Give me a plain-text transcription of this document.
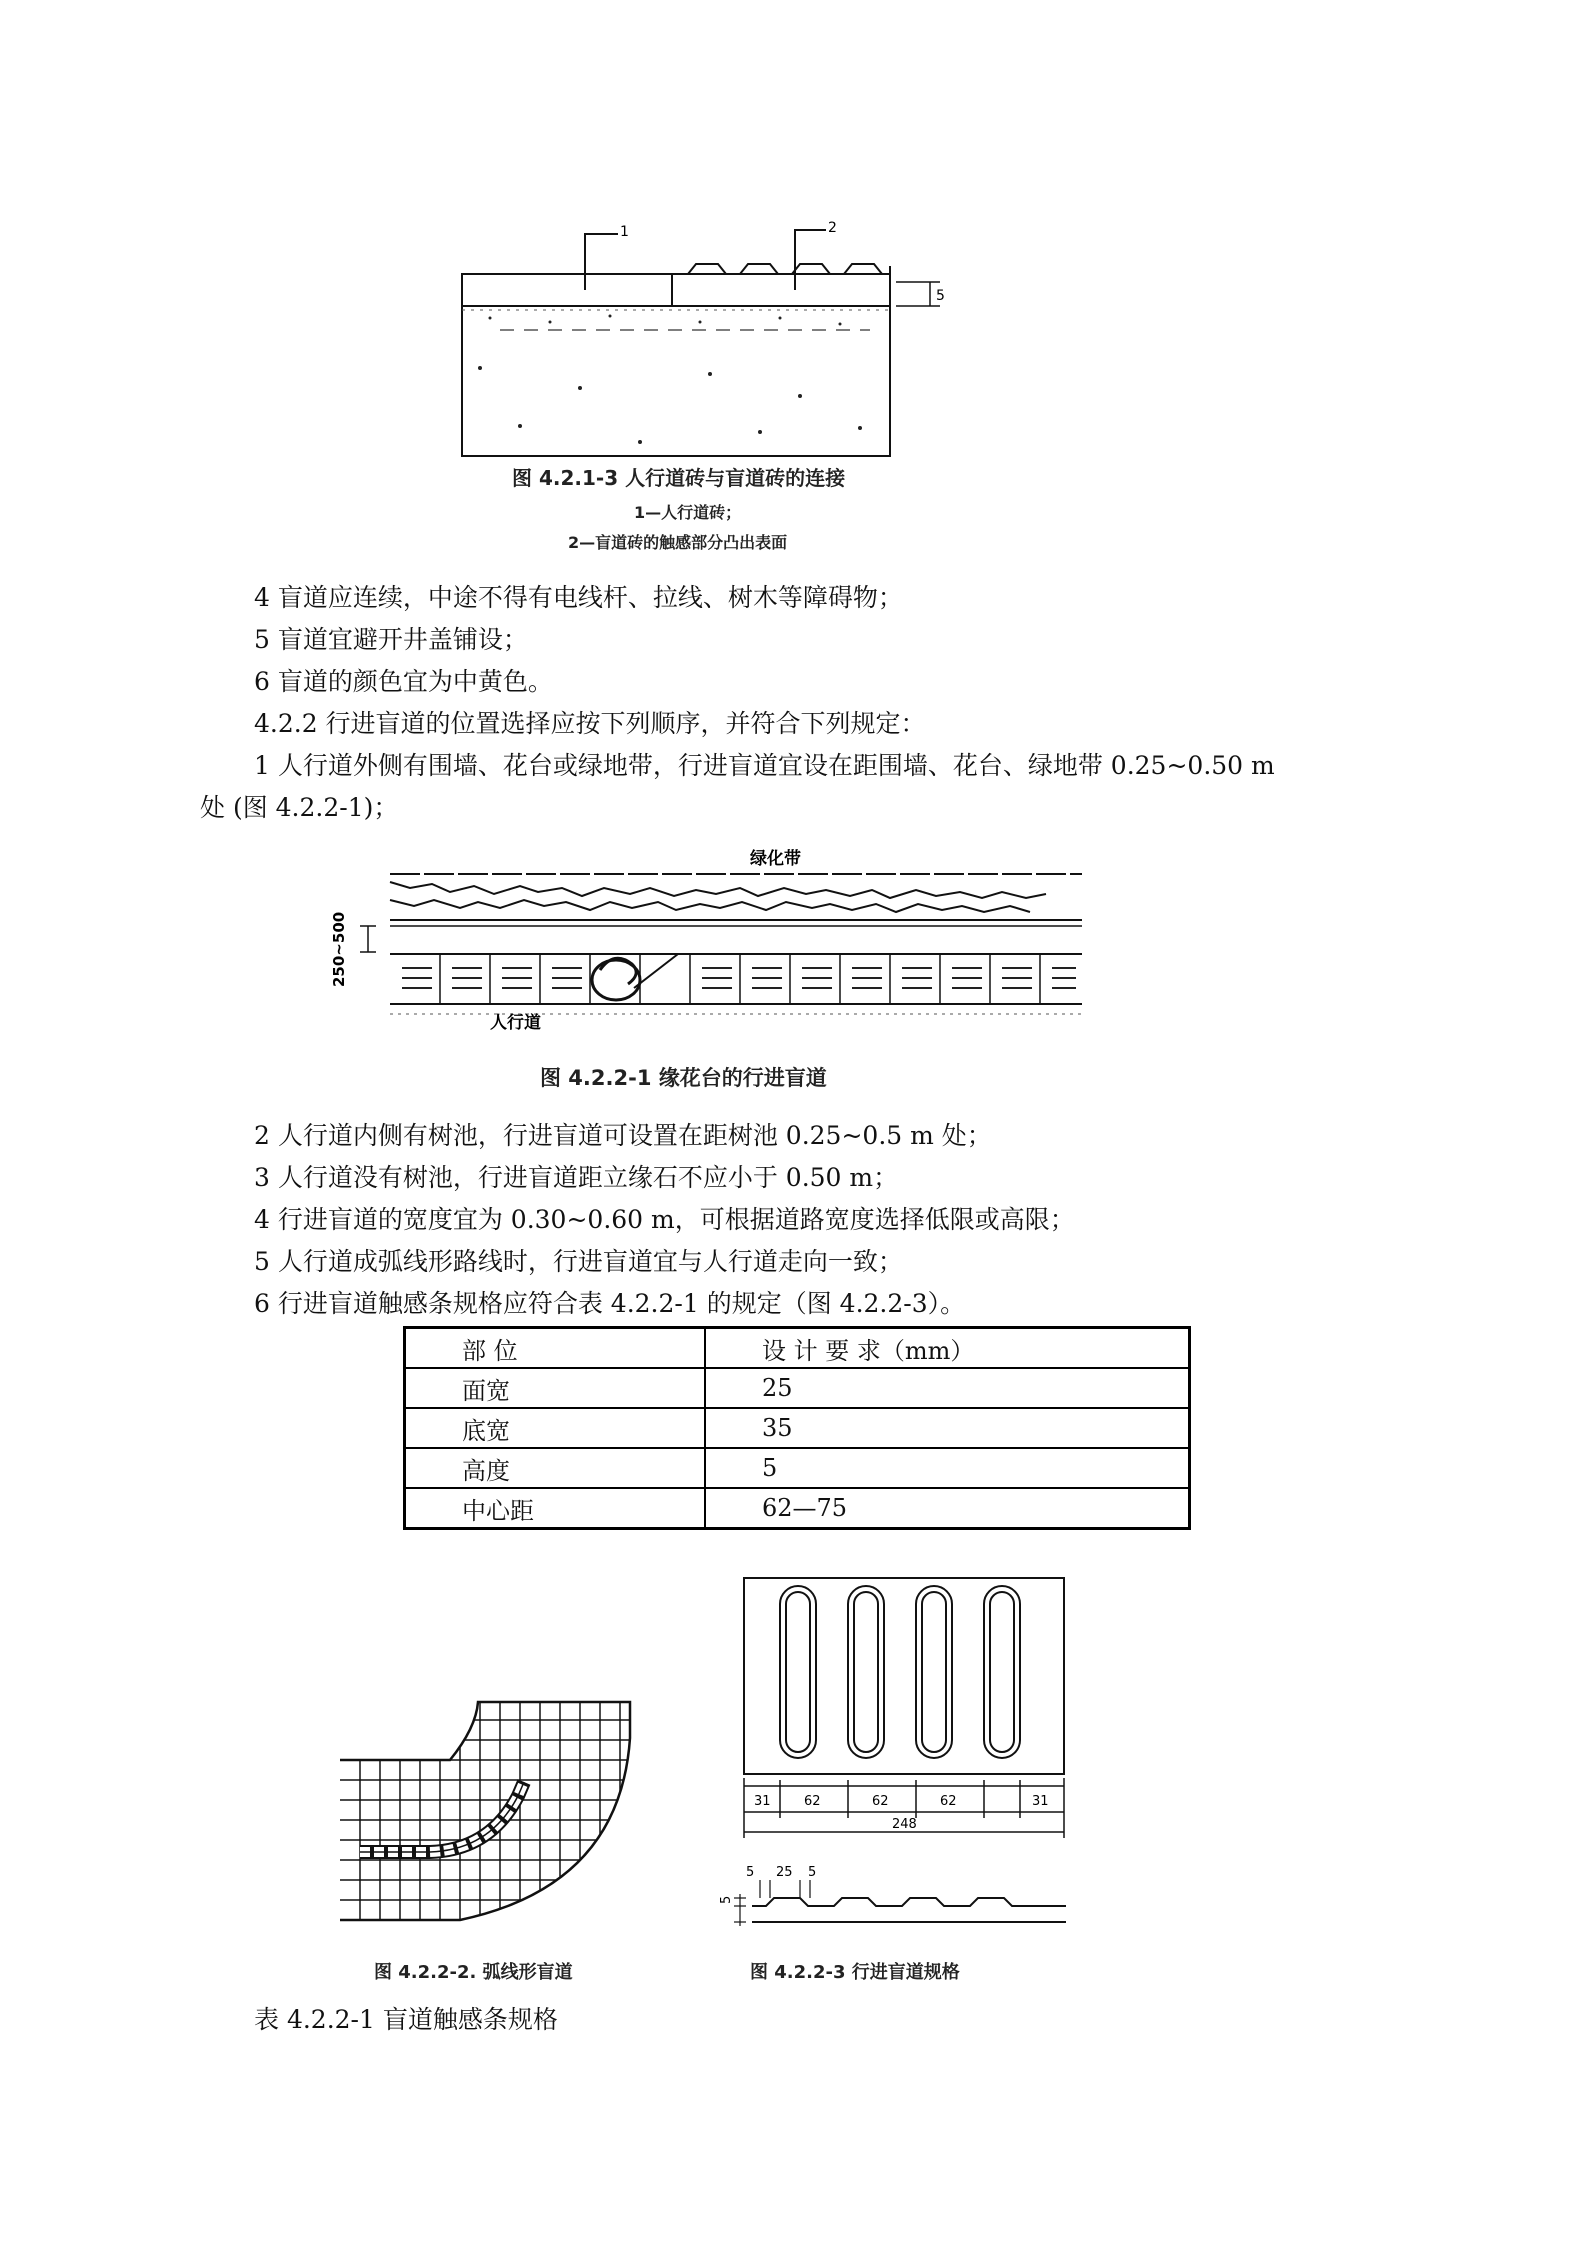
1	2
5
图 4.2.1-3 人行道砖与盲道砖的连接
1—人行道砖；
2—盲道砖的触感部分凸出表面
4 盲道应连续，中途不得有电线杆、拉线、树木等障碍物；
5 盲道宜避开井盖铺设；
6 盲道的颜色宜为中黄色。
4.2.2 行进盲道的位置选择应按下列顺序，并符合下列规定：
1 人行道外侧有围墙、花台或绿地带，行进盲道宜设在距围墙、花台、绿地带 0.25~0.50 m
处 (图 4.2.2-1)；
绿化带
250~500
人行道
图 4.2.2-1 缘花台的行进盲道
2 人行道内侧有树池，行进盲道可设置在距树池 0.25~0.5 m 处；
3 人行道没有树池，行进盲道距立缘石不应小于 0.50 m；
4 行进盲道的宽度宜为 0.30~0.60 m，可根据道路宽度选择低限或高限；
5 人行道成弧线形路线时，行进盲道宜与人行道走向一致；
6 行进盲道触感条规格应符合表 4.2.2-1 的规定（图 4.2.2-3）。
部 位	设 计 要 求（mm）
面宽	25
底宽	35
高度	5
中心距	62—75
图 4.2.2-2. 弧线形盲道
31	62	62	62	31
248
5 25 5
5
图 4.2.2-3 行进盲道规格
表 4.2.2-1 盲道触感条规格
